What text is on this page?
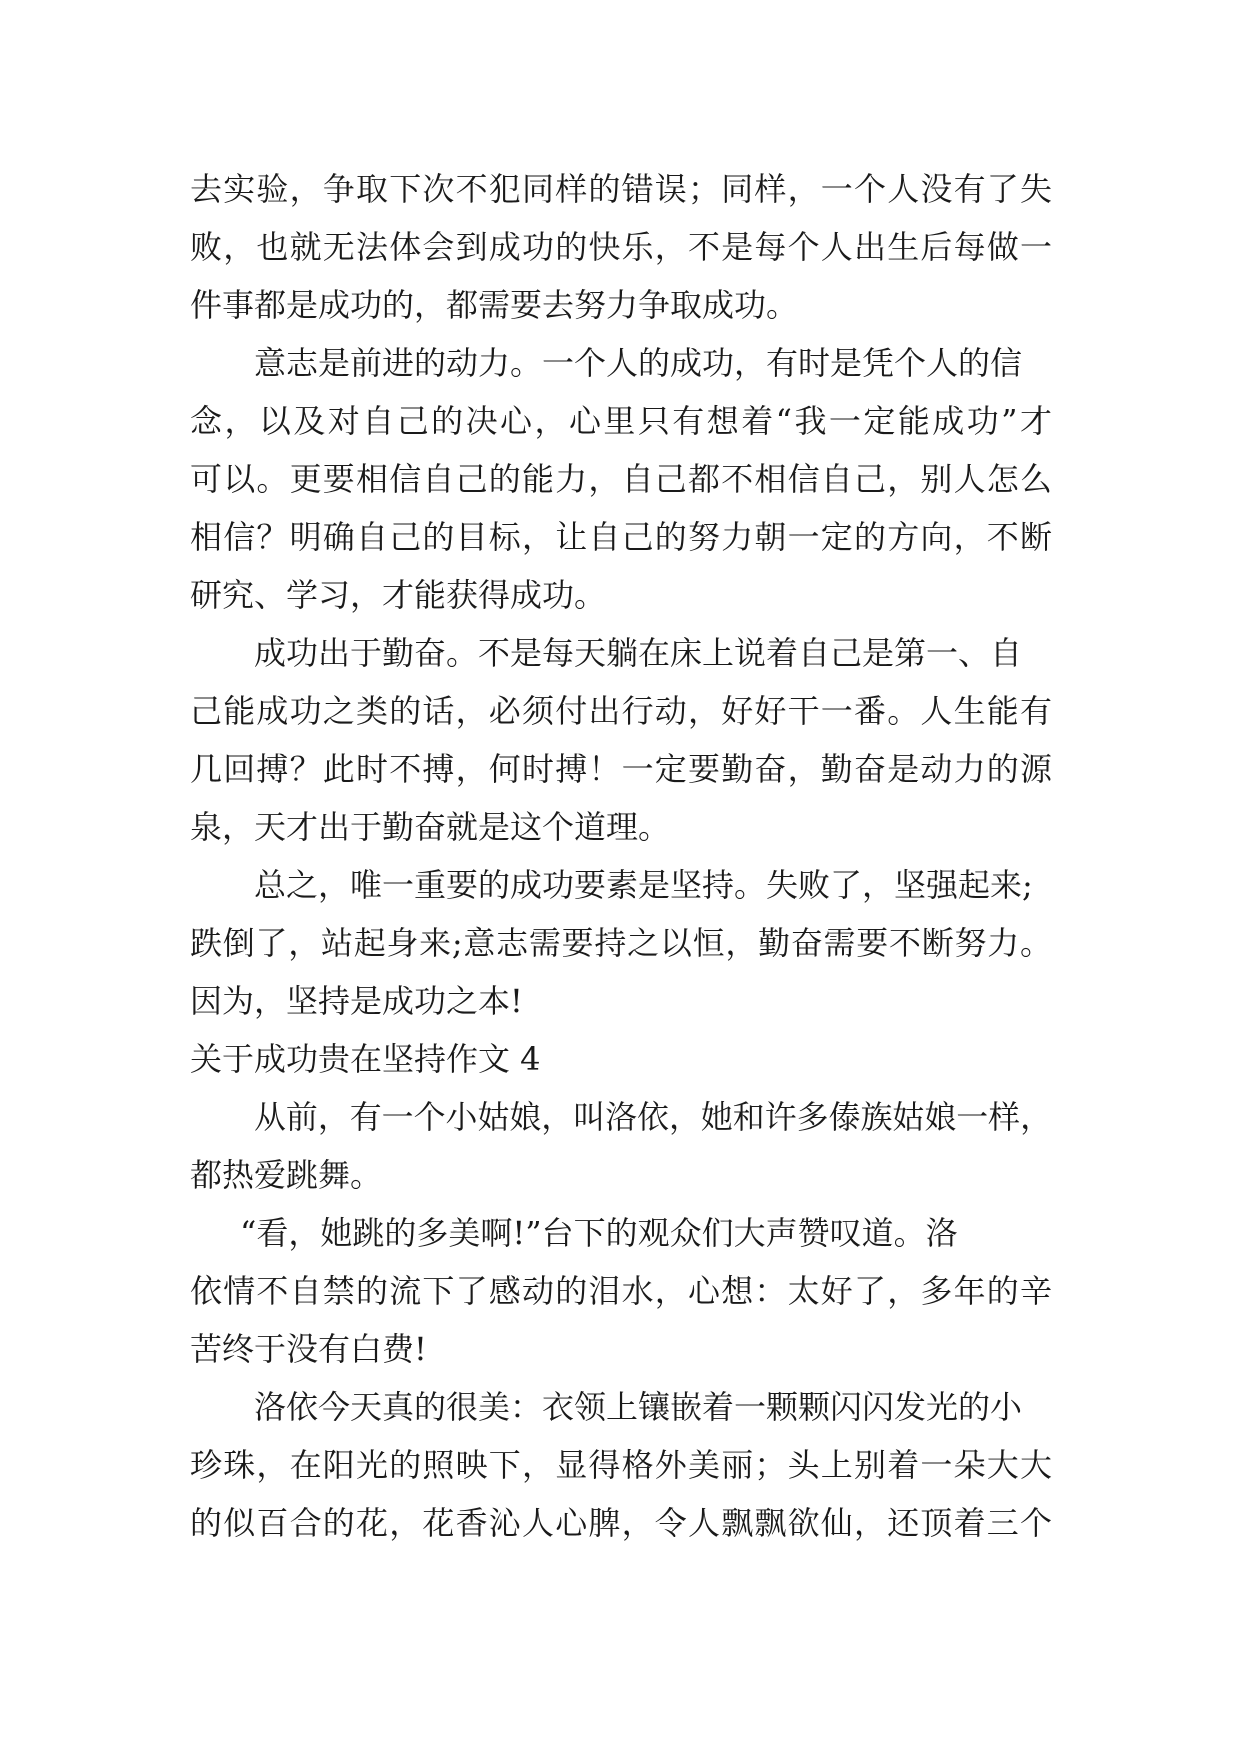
去实验，争取下次不犯同样的错误；同样，一个人没有了失
败，也就无法体会到成功的快乐，不是每个人出生后每做一
件事都是成功的，都需要去努力争取成功。
意志是前进的动力。一个人的成功，有时是凭个人的信
念，以及对自己的决心，心里只有想着“我一定能成功”才
可以。更要相信自己的能力，自己都不相信自己，别人怎么
相信？明确自己的目标，让自己的努力朝一定的方向，不断
研究、学习，才能获得成功。
成功出于勤奋。不是每天躺在床上说着自己是第一、自
己能成功之类的话，必须付出行动，好好干一番。人生能有
几回搏？此时不搏，何时搏！一定要勤奋，勤奋是动力的源
泉，天才出于勤奋就是这个道理。
总之，唯一重要的成功要素是坚持。失败了，坚强起来;
跌倒了，站起身来;意志需要持之以恒，勤奋需要不断努力。
因为，坚持是成功之本!
关于成功贵在坚持作文 4
从前，有一个小姑娘，叫洛依，她和许多傣族姑娘一样，
都热爱跳舞。
“看，她跳的多美啊!”台下的观众们大声赞叹道。洛
依情不自禁的流下了感动的泪水，心想：太好了，多年的辛
苦终于没有白费!
洛依今天真的很美：衣领上镶嵌着一颗颗闪闪发光的小
珍珠，在阳光的照映下，显得格外美丽；头上别着一朵大大
的似百合的花，花香沁人心脾，令人飘飘欲仙，还顶着三个
